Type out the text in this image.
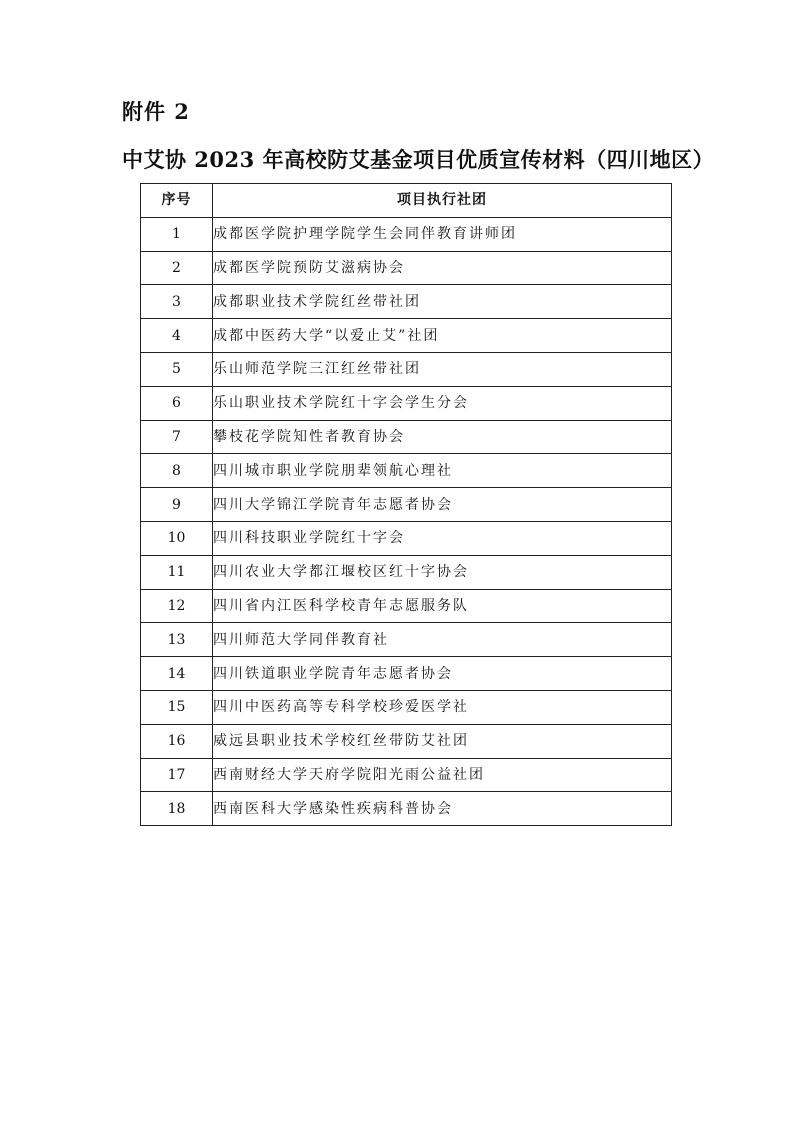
附件 2
中艾协 2023 年高校防艾基金项目优质宣传材料（四川地区）
序号	项目执行社团
1	成都医学院护理学院学生会同伴教育讲师团
2	成都医学院预防艾滋病协会
3	成都职业技术学院红丝带社团
4	成都中医药大学“以爱止艾”社团
5	乐山师范学院三江红丝带社团
6	乐山职业技术学院红十字会学生分会
7	攀枝花学院知性者教育协会
8	四川城市职业学院朋辈领航心理社
9	四川大学锦江学院青年志愿者协会
10	四川科技职业学院红十字会
11	四川农业大学都江堰校区红十字协会
12	四川省内江医科学校青年志愿服务队
13	四川师范大学同伴教育社
14	四川铁道职业学院青年志愿者协会
15	四川中医药高等专科学校珍爱医学社
16	威远县职业技术学校红丝带防艾社团
17	西南财经大学天府学院阳光雨公益社团
18	西南医科大学感染性疾病科普协会
